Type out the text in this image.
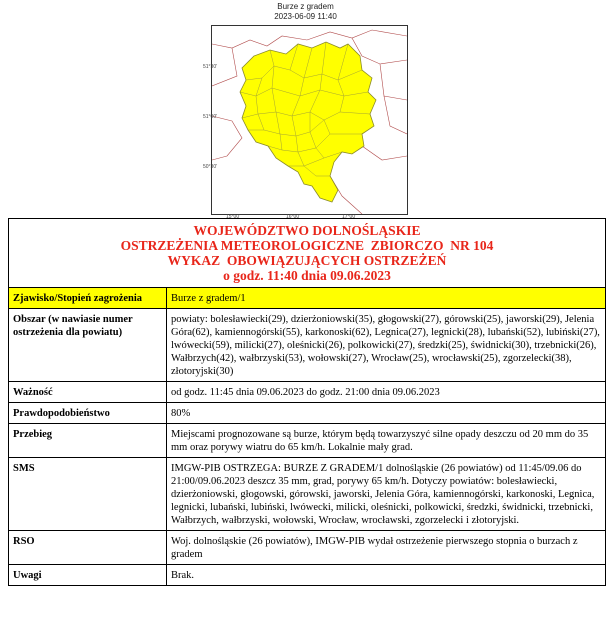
Burze z gradem
2023-06-09 11:40
51°30'
51°00'
50°30'
15°00'	16°00'	17°00'
WOJEWÓDZTWO DOLNOŚLĄSKIE
OSTRZEŻENIA METEOROLOGICZNE  ZBIORCZO  NR 104
WYKAZ  OBOWIĄZUJĄCYCH OSTRZEŻEŃ
o godz. 11:40 dnia 09.06.2023
Zjawisko/Stopień zagrożenia	Burze z gradem/1
Obszar (w nawiasie numer ostrzeżenia dla powiatu)	powiaty: bolesławiecki(29), dzierżoniowski(35), głogowski(27), górowski(25), jaworski(29), Jelenia Góra(62), kamiennogórski(55), karkonoski(62), Legnica(27), legnicki(28), lubański(52), lubiński(27), lwówecki(59), milicki(27), oleśnicki(26), polkowicki(27), średzki(25), świdnicki(30), trzebnicki(26), Wałbrzych(42), wałbrzyski(53), wołowski(27), Wrocław(25), wrocławski(25), zgorzelecki(38), złotoryjski(30)
Ważność	od godz. 11:45 dnia 09.06.2023 do godz. 21:00 dnia 09.06.2023
Prawdopodobieństwo	80%
Przebieg	Miejscami prognozowane są burze, którym będą towarzyszyć silne opady deszczu od 20 mm do 35 mm oraz porywy wiatru do 65 km/h. Lokalnie mały grad.
SMS	IMGW-PIB OSTRZEGA: BURZE Z GRADEM/1 dolnośląskie (26 powiatów) od 11:45/09.06 do 21:00/09.06.2023 deszcz 35 mm, grad, porywy 65 km/h. Dotyczy powiatów: bolesławiecki, dzierżoniowski, głogowski, górowski, jaworski, Jelenia Góra, kamiennogórski, karkonoski, Legnica, legnicki, lubański, lubiński, lwówecki, milicki, oleśnicki, polkowicki, średzki, świdnicki, trzebnicki, Wałbrzych, wałbrzyski, wołowski, Wrocław, wrocławski, zgorzelecki i złotoryjski.
RSO	Woj. dolnośląskie (26 powiatów), IMGW-PIB wydał ostrzeżenie pierwszego stopnia o burzach z gradem
Uwagi	Brak.
